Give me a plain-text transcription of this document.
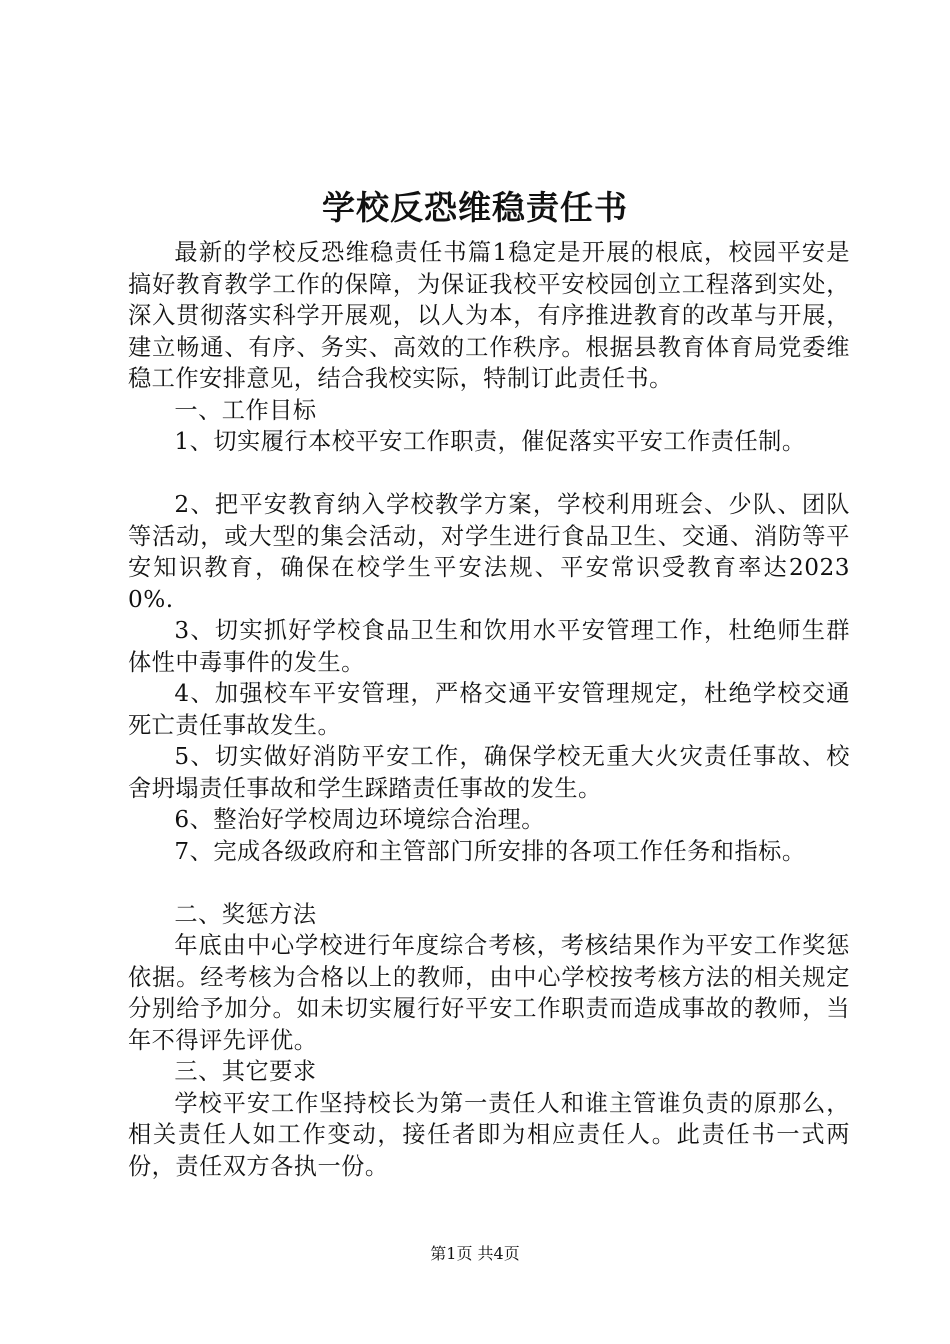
学校反恐维稳责任书

最新的学校反恐维稳责任书篇1稳定是开展的根底，校园平安是搞好教育教学工作的保障，为保证我校平安校园创立工程落到实处，深入贯彻落实科学开展观，以人为本，有序推进教育的改革与开展，建立畅通、有序、务实、高效的工作秩序。根据县教育体育局党委维稳工作安排意见，结合我校实际，特制订此责任书。

一、工作目标

1、切实履行本校平安工作职责，催促落实平安工作责任制。

2、把平安教育纳入学校教学方案，学校利用班会、少队、团队等活动，或大型的集会活动，对学生进行食品卫生、交通、消防等平安知识教育，确保在校学生平安法规、平安常识受教育率达20230%.

3、切实抓好学校食品卫生和饮用水平安管理工作，杜绝师生群体性中毒事件的发生。

4、加强校车平安管理，严格交通平安管理规定，杜绝学校交通死亡责任事故发生。

5、切实做好消防平安工作，确保学校无重大火灾责任事故、校舍坍塌责任事故和学生踩踏责任事故的发生。

6、整治好学校周边环境综合治理。

7、完成各级政府和主管部门所安排的各项工作任务和指标。

二、奖惩方法

年底由中心学校进行年度综合考核，考核结果作为平安工作奖惩依据。经考核为合格以上的教师，由中心学校按考核方法的相关规定分别给予加分。如未切实履行好平安工作职责而造成事故的教师，当年不得评先评优。

三、其它要求

学校平安工作坚持校长为第一责任人和谁主管谁负责的原那么，相关责任人如工作变动，接任者即为相应责任人。此责任书一式两份，责任双方各执一份。

第1页 共4页
